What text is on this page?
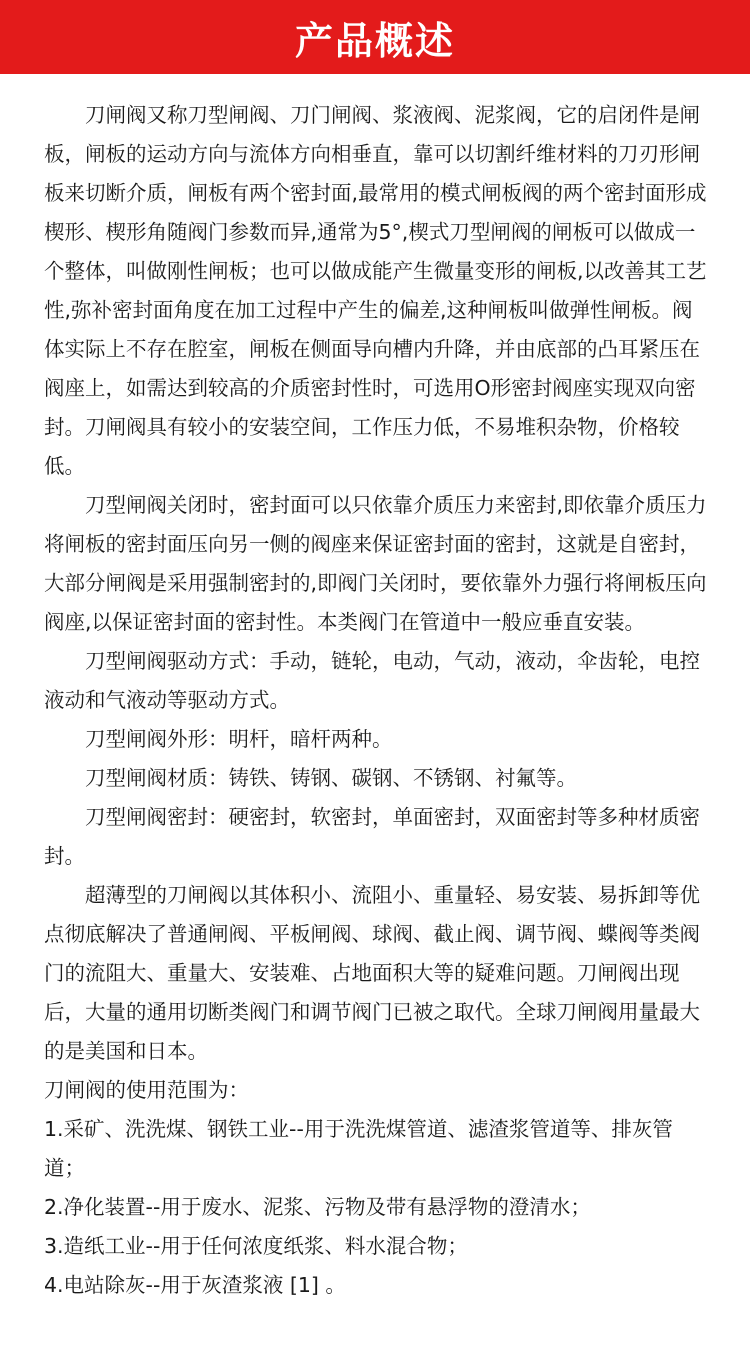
产品概述

刀闸阀又称刀型闸阀、刀门闸阀、浆液阀、泥浆阀，它的启闭件是闸板，闸板的运动方向与流体方向相垂直，靠可以切割纤维材料的刀刃形闸板来切断介质，闸板有两个密封面,最常用的模式闸板阀的两个密封面形成楔形、楔形角随阀门参数而异,通常为5°,楔式刀型闸阀的闸板可以做成一个整体，叫做刚性闸板；也可以做成能产生微量变形的闸板,以改善其工艺性,弥补密封面角度在加工过程中产生的偏差,这种闸板叫做弹性闸板。阀体实际上不存在腔室，闸板在侧面导向槽内升降，并由底部的凸耳紧压在阀座上，如需达到较高的介质密封性时，可选用O形密封阀座实现双向密封。刀闸阀具有较小的安装空间，工作压力低，不易堆积杂物，价格较低。

刀型闸阀关闭时，密封面可以只依靠介质压力来密封,即依靠介质压力将闸板的密封面压向另一侧的阀座来保证密封面的密封，这就是自密封，大部分闸阀是采用强制密封的,即阀门关闭时，要依靠外力强行将闸板压向阀座,以保证密封面的密封性。本类阀门在管道中一般应垂直安装。

刀型闸阀驱动方式：手动，链轮，电动，气动，液动，伞齿轮，电控液动和气液动等驱动方式。

刀型闸阀外形：明杆，暗杆两种。

刀型闸阀材质：铸铁、铸钢、碳钢、不锈钢、衬氟等。

刀型闸阀密封：硬密封，软密封，单面密封，双面密封等多种材质密封。

超薄型的刀闸阀以其体积小、流阻小、重量轻、易安装、易拆卸等优点彻底解决了普通闸阀、平板闸阀、球阀、截止阀、调节阀、蝶阀等类阀门的流阻大、重量大、安装难、占地面积大等的疑难问题。刀闸阀出现后，大量的通用切断类阀门和调节阀门已被之取代。全球刀闸阀用量最大的是美国和日本。

刀闸阀的使用范围为：

1.采矿、洗洗煤、钢铁工业--用于洗洗煤管道、滤渣浆管道等、排灰管道；

2.净化装置--用于废水、泥浆、污物及带有悬浮物的澄清水；

3.造纸工业--用于任何浓度纸浆、料水混合物；

4.电站除灰--用于灰渣浆液 [1] 。
